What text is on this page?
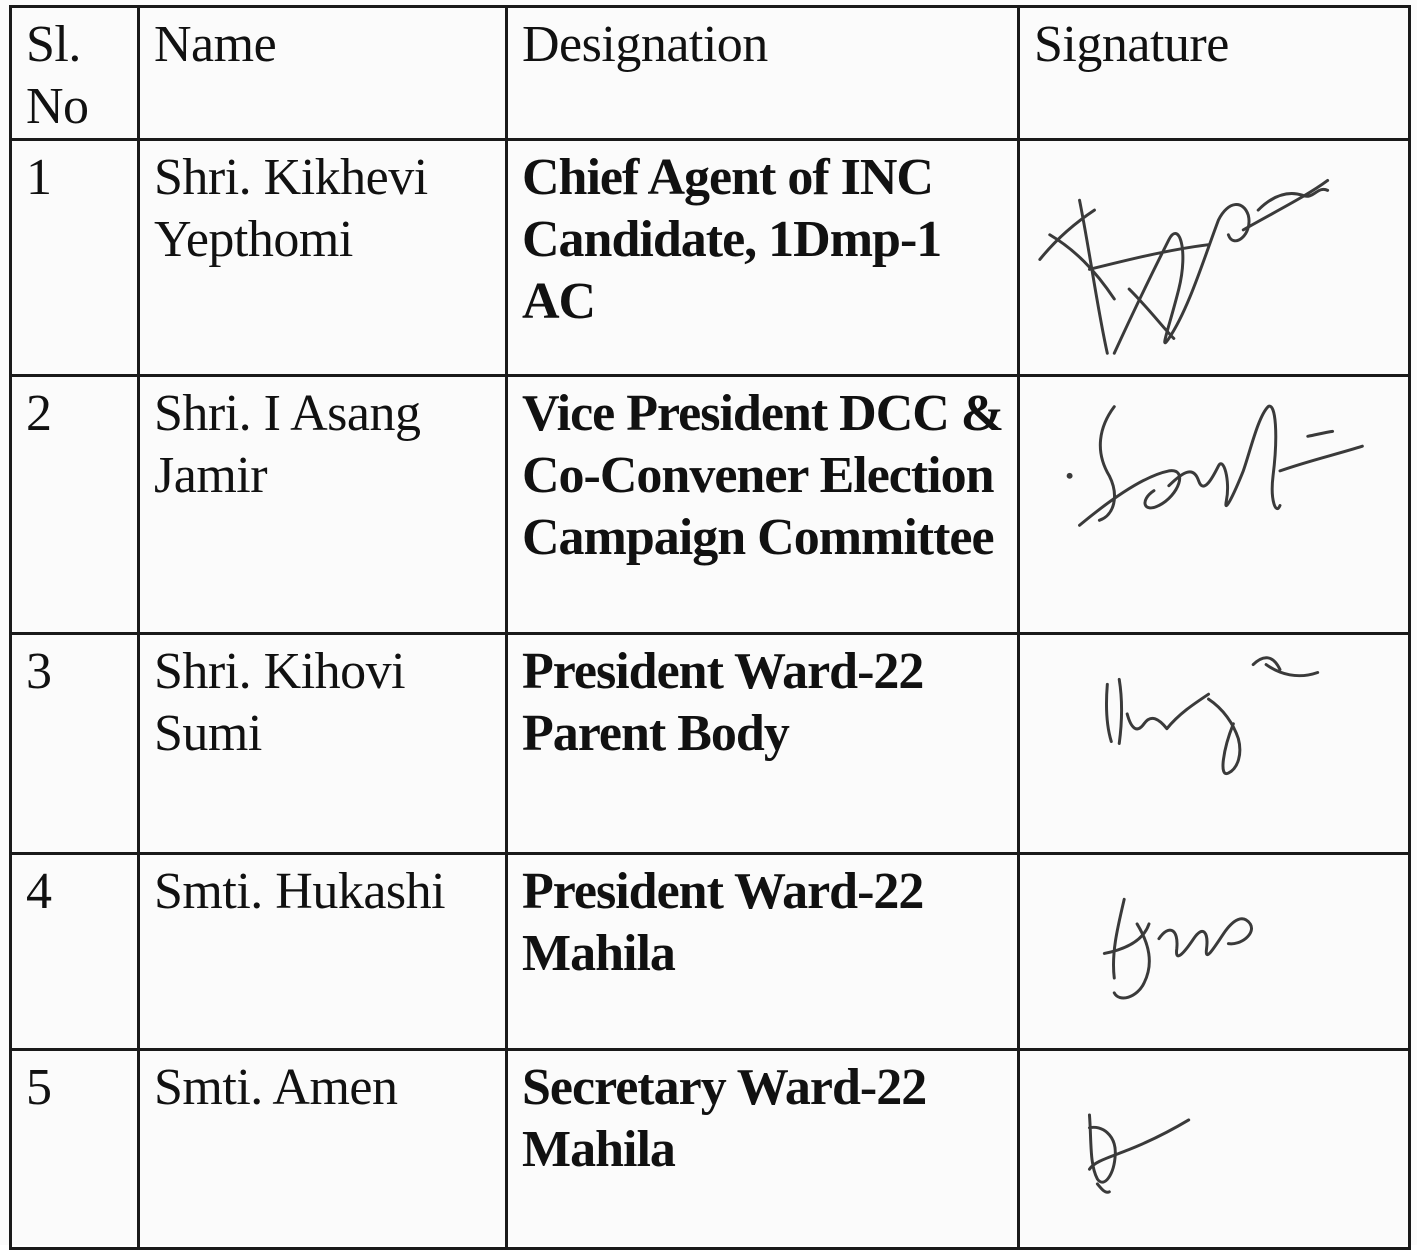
Sl. No	Name	Designation	Signature
1	Shri. Kikhevi Yepthomi	Chief Agent of INC Candidate, 1Dmp-1 AC	

2	Shri. I Asang Jamir	Vice President DCC & Co-Convener Election Campaign Committee	

3	Shri. Kihovi Sumi	President Ward-22 Parent Body	

4	Smti. Hukashi	President Ward-22 Mahila	

5	Smti. Amen	Secretary Ward-22 Mahila	
